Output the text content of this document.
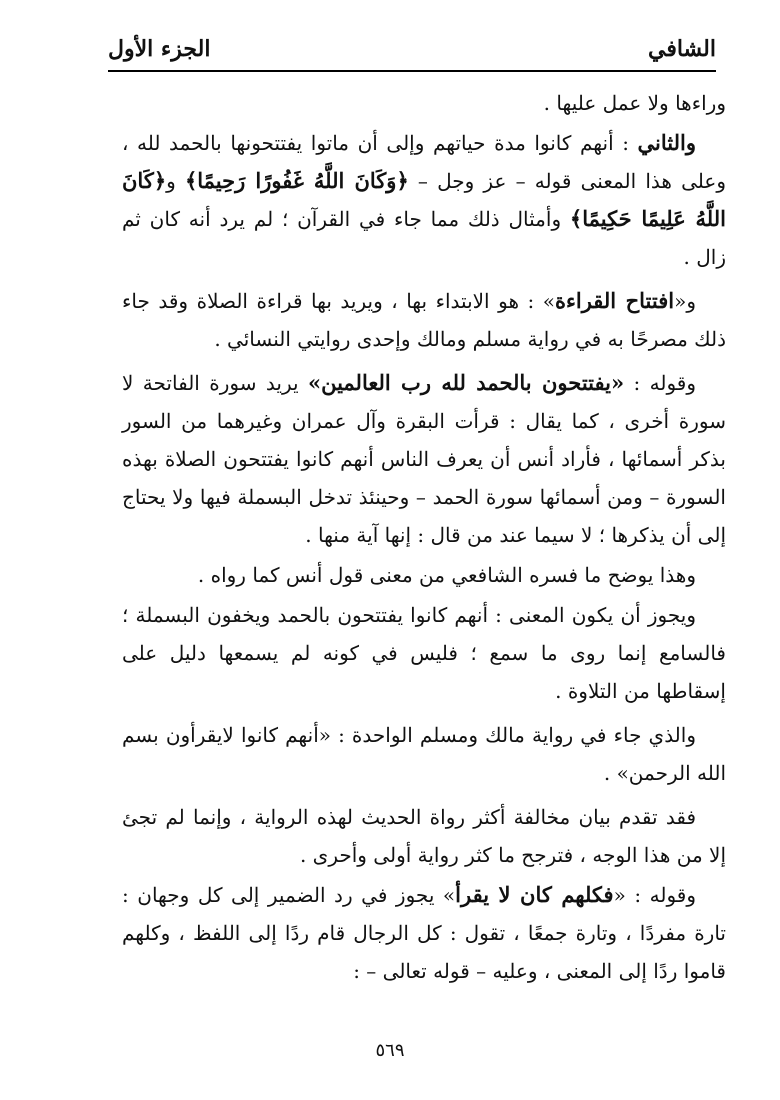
الشافي
الجزء الأول

وراءها ولا عمل عليها .

والثاني : أنهم كانوا مدة حياتهم وإلى أن ماتوا يفتتحونها بالحمد لله ، وعلى هذا المعنى قوله – عز وجل – ﴿وَكَانَ اللَّهُ غَفُورًا رَحِيمًا﴾ و﴿كَانَ اللَّهُ عَلِيمًا حَكِيمًا﴾ وأمثال ذلك مما جاء في القرآن ؛ لم يرد أنه كان ثم زال .

و«افتتاح القراءة» : هو الابتداء بها ، ويريد بها قراءة الصلاة وقد جاء ذلك مصرحًا به في رواية مسلم ومالك وإحدى روايتي النسائي .

وقوله : «يفتتحون بالحمد لله رب العالمين» يريد سورة الفاتحة لا سورة أخرى ، كما يقال : قرأت البقرة وآل عمران وغيرهما من السور بذكر أسمائها ، فأراد أنس أن يعرف الناس أنهم كانوا يفتتحون الصلاة بهذه السورة – ومن أسمائها سورة الحمد – وحينئذ تدخل البسملة فيها ولا يحتاج إلى أن يذكرها ؛ لا سيما عند من قال : إنها آية منها .

وهذا يوضح ما فسره الشافعي من معنى قول أنس كما رواه .

ويجوز أن يكون المعنى : أنهم كانوا يفتتحون بالحمد ويخفون البسملة ؛ فالسامع إنما روى ما سمع ؛ فليس في كونه لم يسمعها دليل على إسقاطها من التلاوة .

والذي جاء في رواية مالك ومسلم الواحدة : «أنهم كانوا لايقرأون بسم الله الرحمن» .

فقد تقدم بيان مخالفة أكثر رواة الحديث لهذه الرواية ، وإنما لم تجئ إلا من هذا الوجه ، فترجح ما كثر رواية أولى وأحرى .

وقوله : «فكلهم كان لا يقرأ» يجوز في رد الضمير إلى كل وجهان : تارة مفردًا ، وتارة جمعًا ، تقول : كل الرجال قام ردًا إلى اللفظ ، وكلهم قاموا ردًا إلى المعنى ، وعليه – قوله تعالى – :

٥٦٩
